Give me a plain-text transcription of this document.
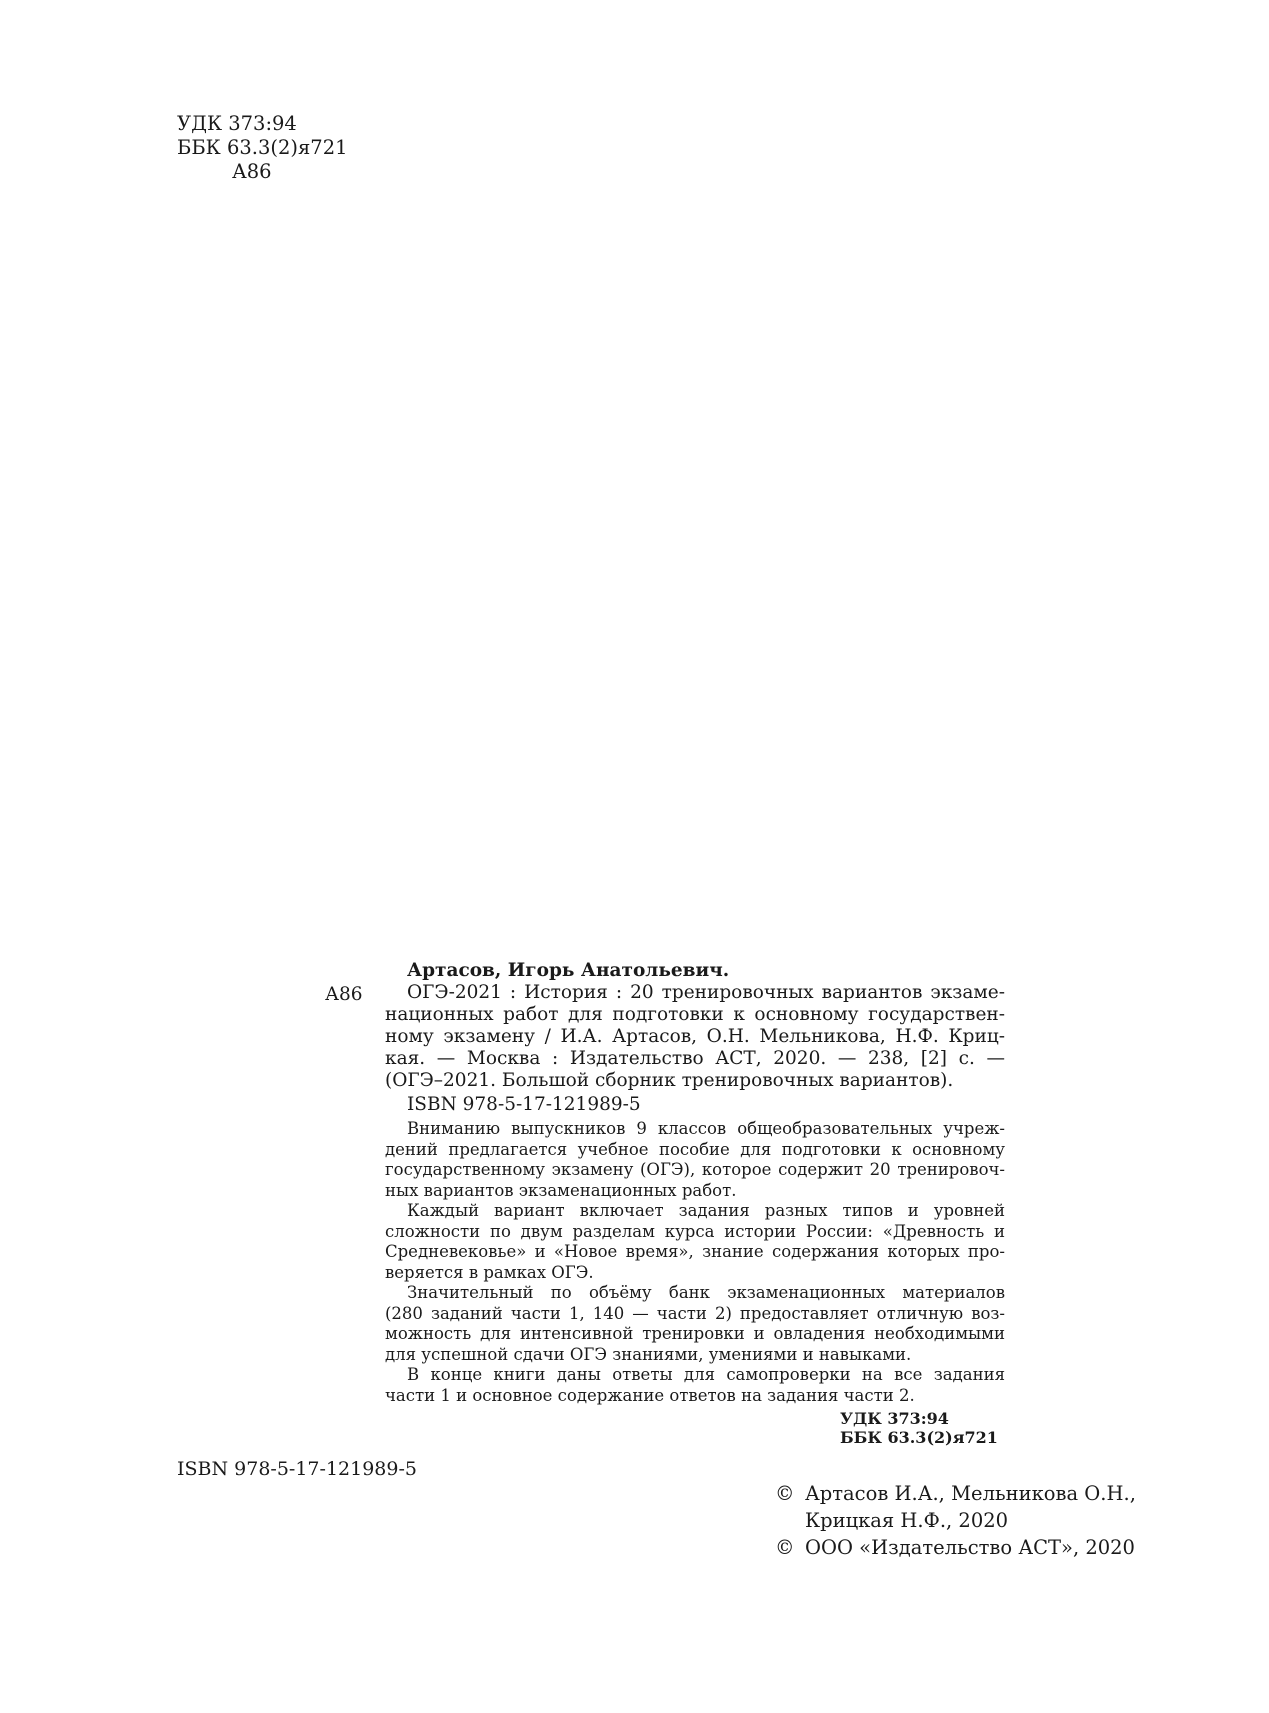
УДК 373:94
ББК 63.3(2)я721
А86
А86
Артасов, Игорь Анатольевич.
ОГЭ-2021 : История : 20 тренировочных вариантов экзаме-
национных работ для подготовки к основному государствен-
ному экзамену / И.А. Артасов, О.Н. Мельникова, Н.Ф. Криц-
кая. — Москва : Издательство АСТ, 2020. — 238, [2] с. —
(ОГЭ–2021. Большой сборник тренировочных вариантов).
ISBN 978-5-17-121989-5
Вниманию выпускников 9 классов общеобразовательных учреж-
дений предлагается учебное пособие для подготовки к основному
государственному экзамену (ОГЭ), которое содержит 20 тренировоч-
ных вариантов экзаменационных работ.
Каждый вариант включает задания разных типов и уровней
сложности по двум разделам курса истории России: «Древность и
Средневековье» и «Новое время», знание содержания которых про-
веряется в рамках ОГЭ.
Значительный по объёму банк экзаменационных материалов
(280 заданий части 1, 140 — части 2) предоставляет отличную воз-
можность для интенсивной тренировки и овладения необходимыми
для успешной сдачи ОГЭ знаниями, умениями и навыками.
В конце книги даны ответы для самопроверки на все задания
части 1 и основное содержание ответов на задания части 2.
УДК 373:94
ББК 63.3(2)я721
ISBN 978-5-17-121989-5
© Артасов И.А., Мельникова О.Н.,
Крицкая Н.Ф., 2020
© ООО «Издательство АСТ», 2020
